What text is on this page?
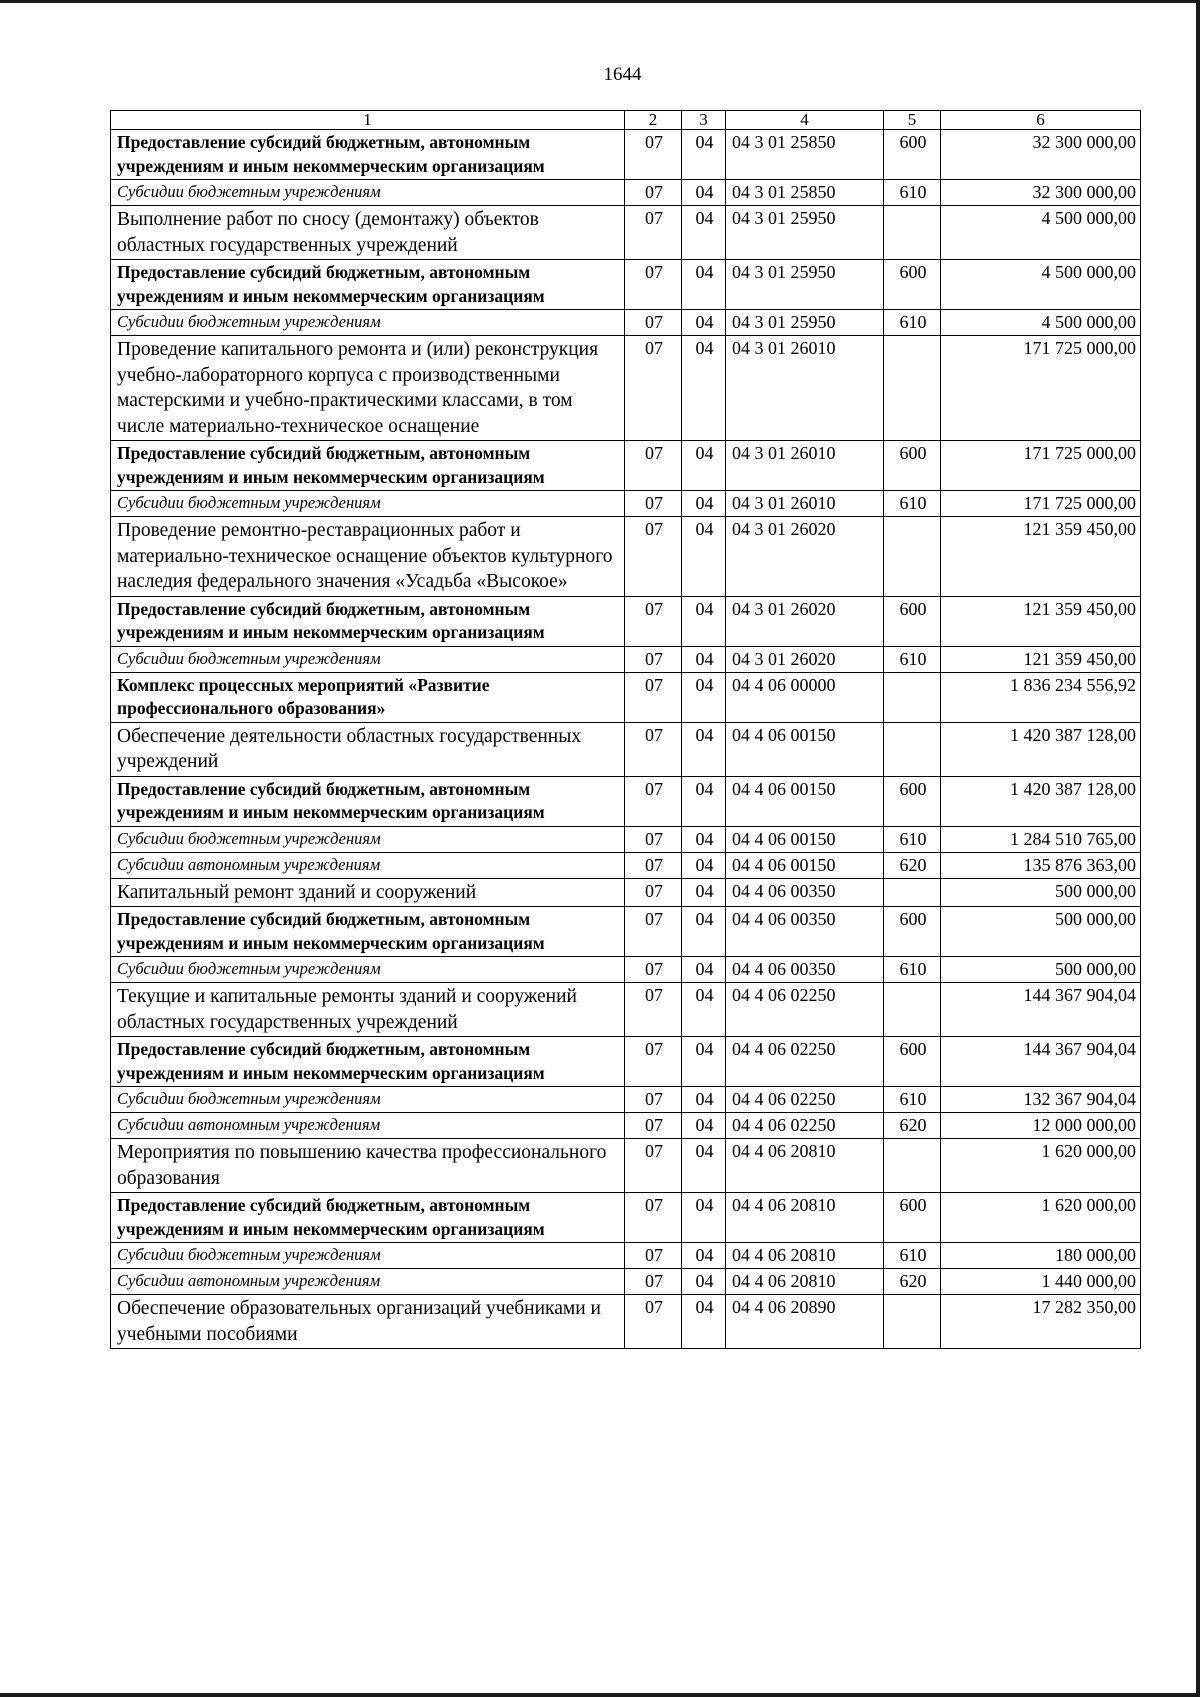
1644
1	2	3	4	5	6
Предоставление субсидий бюджетным, автономным учреждениям и иным некоммерческим организациям	07	04	04 3 01 25850	600	32 300 000,00
Субсидии бюджетным учреждениям	07	04	04 3 01 25850	610	32 300 000,00
Выполнение работ по сносу (демонтажу) объектов областных государственных учреждений	07	04	04 3 01 25950		4 500 000,00
Предоставление субсидий бюджетным, автономным учреждениям и иным некоммерческим организациям	07	04	04 3 01 25950	600	4 500 000,00
Субсидии бюджетным учреждениям	07	04	04 3 01 25950	610	4 500 000,00
Проведение капитального ремонта и (или) реконструкция учебно-лабораторного корпуса с производственными мастерскими и учебно-практическими классами, в том числе материально-техническое оснащение	07	04	04 3 01 26010		171 725 000,00
Предоставление субсидий бюджетным, автономным учреждениям и иным некоммерческим организациям	07	04	04 3 01 26010	600	171 725 000,00
Субсидии бюджетным учреждениям	07	04	04 3 01 26010	610	171 725 000,00
Проведение ремонтно-реставрационных работ и материально-техническое оснащение объектов культурного наследия федерального значения «Усадьба «Высокое»	07	04	04 3 01 26020		121 359 450,00
Предоставление субсидий бюджетным, автономным учреждениям и иным некоммерческим организациям	07	04	04 3 01 26020	600	121 359 450,00
Субсидии бюджетным учреждениям	07	04	04 3 01 26020	610	121 359 450,00
Комплекс процессных мероприятий «Развитие профессионального образования»	07	04	04 4 06 00000		1 836 234 556,92
Обеспечение деятельности областных государственных учреждений	07	04	04 4 06 00150		1 420 387 128,00
Предоставление субсидий бюджетным, автономным учреждениям и иным некоммерческим организациям	07	04	04 4 06 00150	600	1 420 387 128,00
Субсидии бюджетным учреждениям	07	04	04 4 06 00150	610	1 284 510 765,00
Субсидии автономным учреждениям	07	04	04 4 06 00150	620	135 876 363,00
Капитальный ремонт зданий и сооружений	07	04	04 4 06 00350		500 000,00
Предоставление субсидий бюджетным, автономным учреждениям и иным некоммерческим организациям	07	04	04 4 06 00350	600	500 000,00
Субсидии бюджетным учреждениям	07	04	04 4 06 00350	610	500 000,00
Текущие и капитальные ремонты зданий и сооружений областных государственных учреждений	07	04	04 4 06 02250		144 367 904,04
Предоставление субсидий бюджетным, автономным учреждениям и иным некоммерческим организациям	07	04	04 4 06 02250	600	144 367 904,04
Субсидии бюджетным учреждениям	07	04	04 4 06 02250	610	132 367 904,04
Субсидии автономным учреждениям	07	04	04 4 06 02250	620	12 000 000,00
Мероприятия по повышению качества профессионального образования	07	04	04 4 06 20810		1 620 000,00
Предоставление субсидий бюджетным, автономным учреждениям и иным некоммерческим организациям	07	04	04 4 06 20810	600	1 620 000,00
Субсидии бюджетным учреждениям	07	04	04 4 06 20810	610	180 000,00
Субсидии автономным учреждениям	07	04	04 4 06 20810	620	1 440 000,00
Обеспечение образовательных организаций учебниками и учебными пособиями	07	04	04 4 06 20890		17 282 350,00
